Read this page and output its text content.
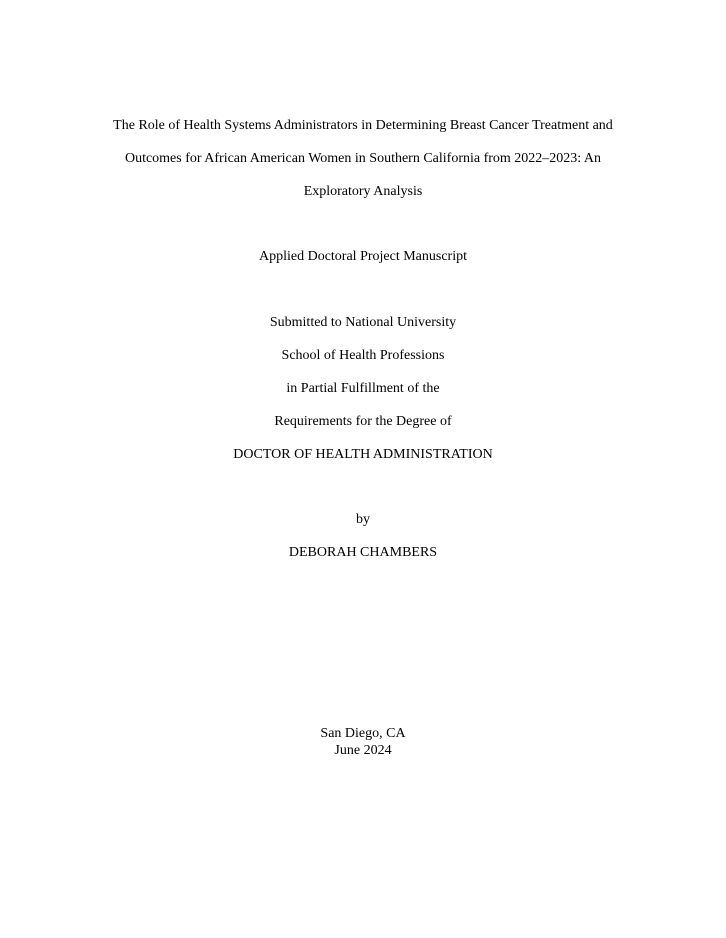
The Role of Health Systems Administrators in Determining Breast Cancer Treatment and
Outcomes for African American Women in Southern California from 2022–2023: An
Exploratory Analysis
Applied Doctoral Project Manuscript
Submitted to National University
School of Health Professions
in Partial Fulfillment of the
Requirements for the Degree of
DOCTOR OF HEALTH ADMINISTRATION
by
DEBORAH CHAMBERS
San Diego, CA
June 2024
